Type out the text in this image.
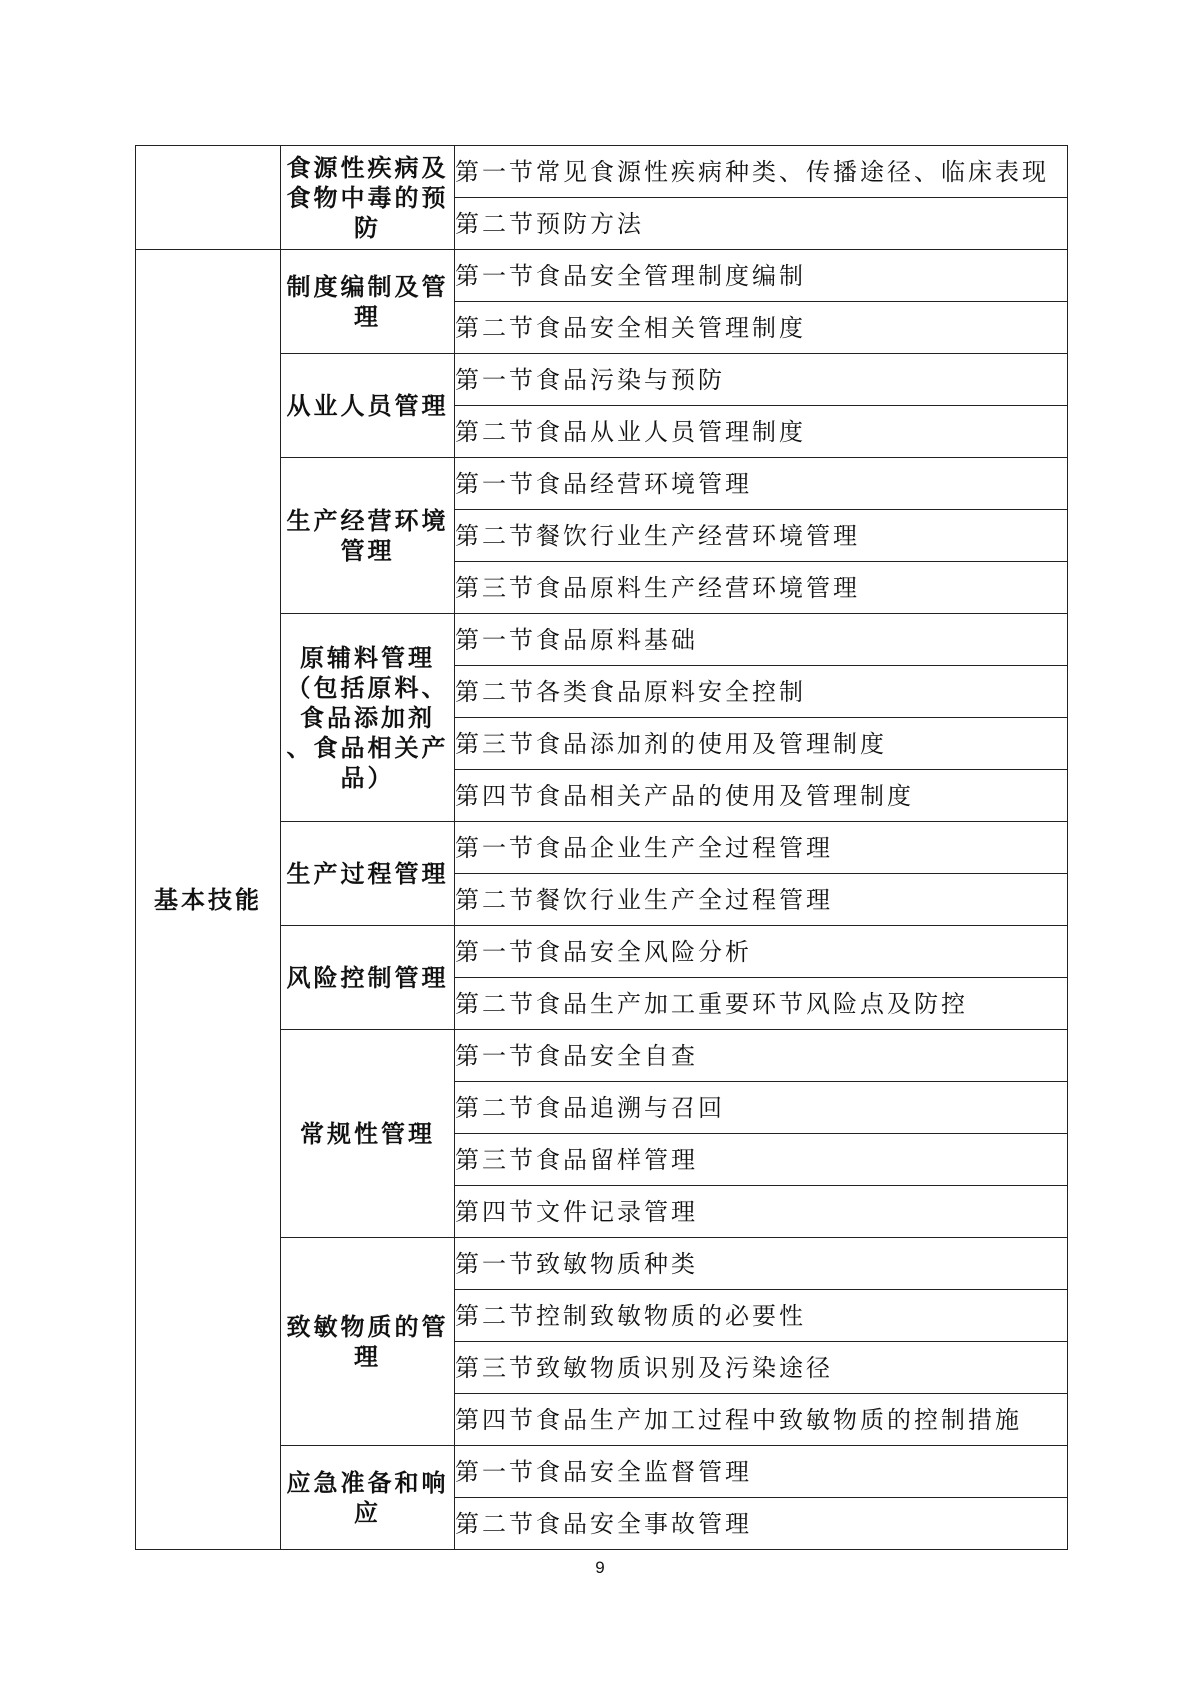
	食源性疾病及食物中毒的预防	第一节常见食源性疾病种类、传播途径、临床表现
		第二节预防方法
基本技能	制度编制及管理	第一节食品安全管理制度编制
		第二节食品安全相关管理制度
	从业人员管理	第一节食品污染与预防
		第二节食品从业人员管理制度
	生产经营环境管理	第一节食品经营环境管理
		第二节餐饮行业生产经营环境管理
		第三节食品原料生产经营环境管理
	原辅料管理（包括原料、食品添加剂 、食品相关产品）	第一节食品原料基础
		第二节各类食品原料安全控制
		第三节食品添加剂的使用及管理制度
		第四节食品相关产品的使用及管理制度
	生产过程管理	第一节食品企业生产全过程管理
		第二节餐饮行业生产全过程管理
	风险控制管理	第一节食品安全风险分析
		第二节食品生产加工重要环节风险点及防控
	常规性管理	第一节食品安全自查
		第二节食品追溯与召回
		第三节食品留样管理
		第四节文件记录管理
	致敏物质的管理	第一节致敏物质种类
		第二节控制致敏物质的必要性
		第三节致敏物质识别及污染途径
		第四节食品生产加工过程中致敏物质的控制措施
	应急准备和响应	第一节食品安全监督管理
		第二节食品安全事故管理
9
